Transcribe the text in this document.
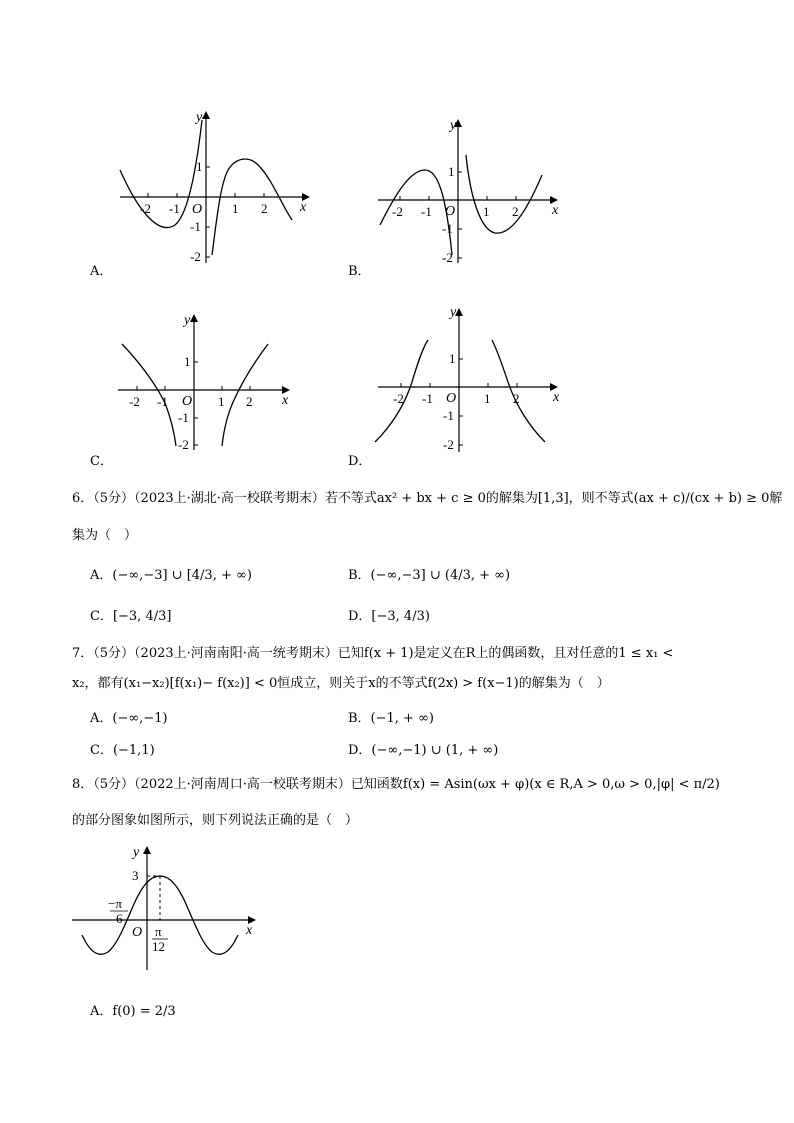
y
x
O
-2 -1	1 2
1
-1
-2
A．
y
x
O
-2 -1	1 2
1
-1
-2
B．
y
x
O
-2 -1	1 2
1
-1
-2
C．
y
x
O
-2 -1	1 2
1
-1
-2
D．
6．（5分）（2023上·湖北·高一校联考期末）若不等式ax² + bx + c ≥ 0的解集为[1,3]，则不等式(ax + c)/(cx + b) ≥ 0解
集为（　）
A．(−∞,−3] ∪ [4/3, + ∞)	B．(−∞,−3] ∪ (4/3, + ∞)
C．[−3, 4/3]	D．[−3, 4/3)
7．（5分）（2023上·河南南阳·高一统考期末）已知f(x + 1)是定义在R上的偶函数，且对任意的1 ≤ x₁ <
x₂，都有(x₁−x₂)[f(x₁)− f(x₂)] < 0恒成立，则关于x的不等式f(2x) > f(x−1)的解集为（　）
A．(−∞,−1)	B．(−1, + ∞)
C．(−1,1)	D．(−∞,−1) ∪ (1, + ∞)
8．（5分）（2022上·河南周口·高一校联考期末）已知函数f(x) = Asin(ωx + φ)(x ∈ R,A > 0,ω > 0,|φ| < π/2)
的部分图象如图所示，则下列说法正确的是（　）
y
x
O
3
−π
6
π
12
A．f(0) = 2/3
